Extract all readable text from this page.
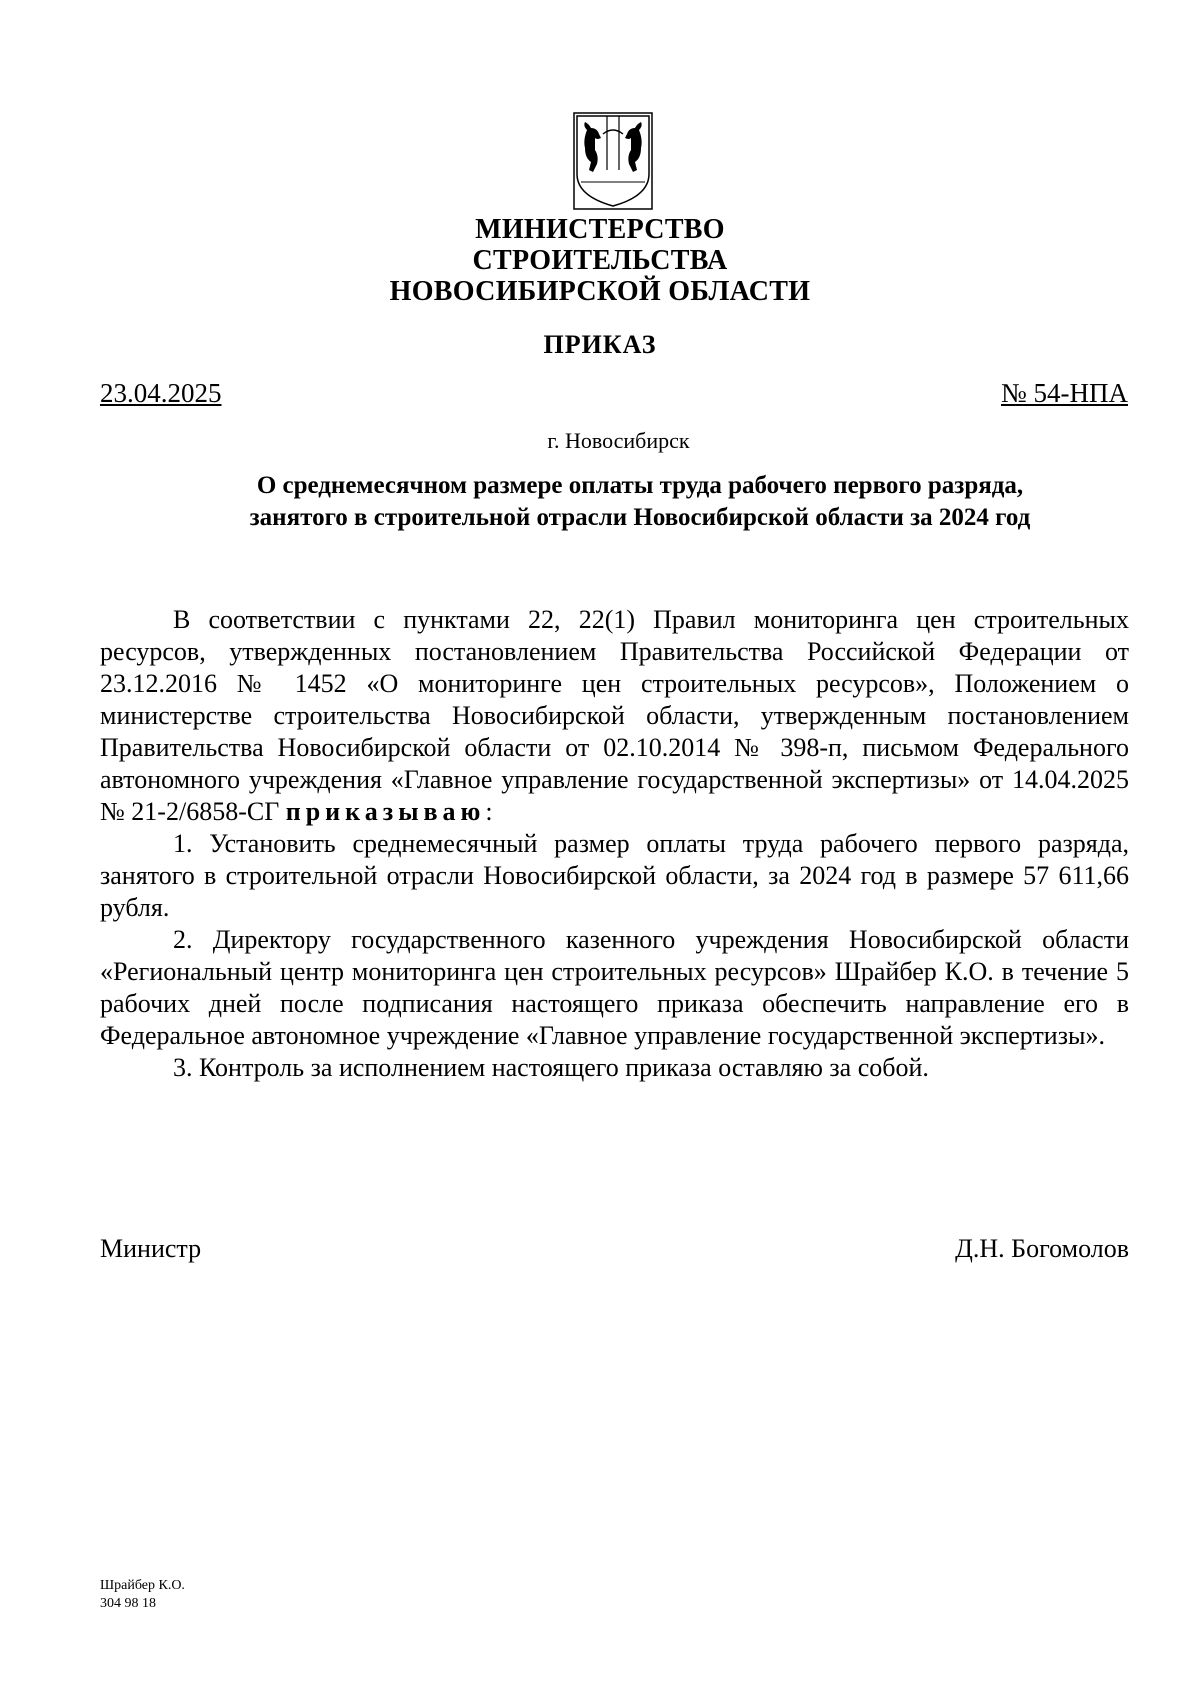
МИНИСТЕРСТВО
СТРОИТЕЛЬСТВА
НОВОСИБИРСКОЙ ОБЛАСТИ
ПРИКАЗ
23.04.2025	№ 54-НПА
г. Новосибирск
О среднемесячном размере оплаты труда рабочего первого разряда,
занятого в строительной отрасли Новосибирской области за 2024 год

В соответствии с пунктами 22, 22(1) Правил мониторинга цен строительных ресурсов, утвержденных постановлением Правительства Российской Федерации от 23.12.2016 № 1452 «О мониторинге цен строительных ресурсов», Положением о министерстве строительства Новосибирской области, утвержденным постановлением Правительства Новосибирской области от 02.10.2014 № 398-п, письмом Федерального автономного учреждения «Главное управление государственной экспертизы» от 14.04.2025 № 21-2/6858-СГ приказываю:

1. Установить среднемесячный размер оплаты труда рабочего первого разряда, занятого в строительной отрасли Новосибирской области, за 2024 год в размере 57 611,66 рубля.

2. Директору государственного казенного учреждения Новосибирской области «Региональный центр мониторинга цен строительных ресурсов» Шрайбер К.О. в течение 5 рабочих дней после подписания настоящего приказа обеспечить направление его в Федеральное автономное учреждение «Главное управление государственной экспертизы».

3. Контроль за исполнением настоящего приказа оставляю за собой.

Министр	Д.Н. Богомолов
Шрайбер К.О.
304 98 18
